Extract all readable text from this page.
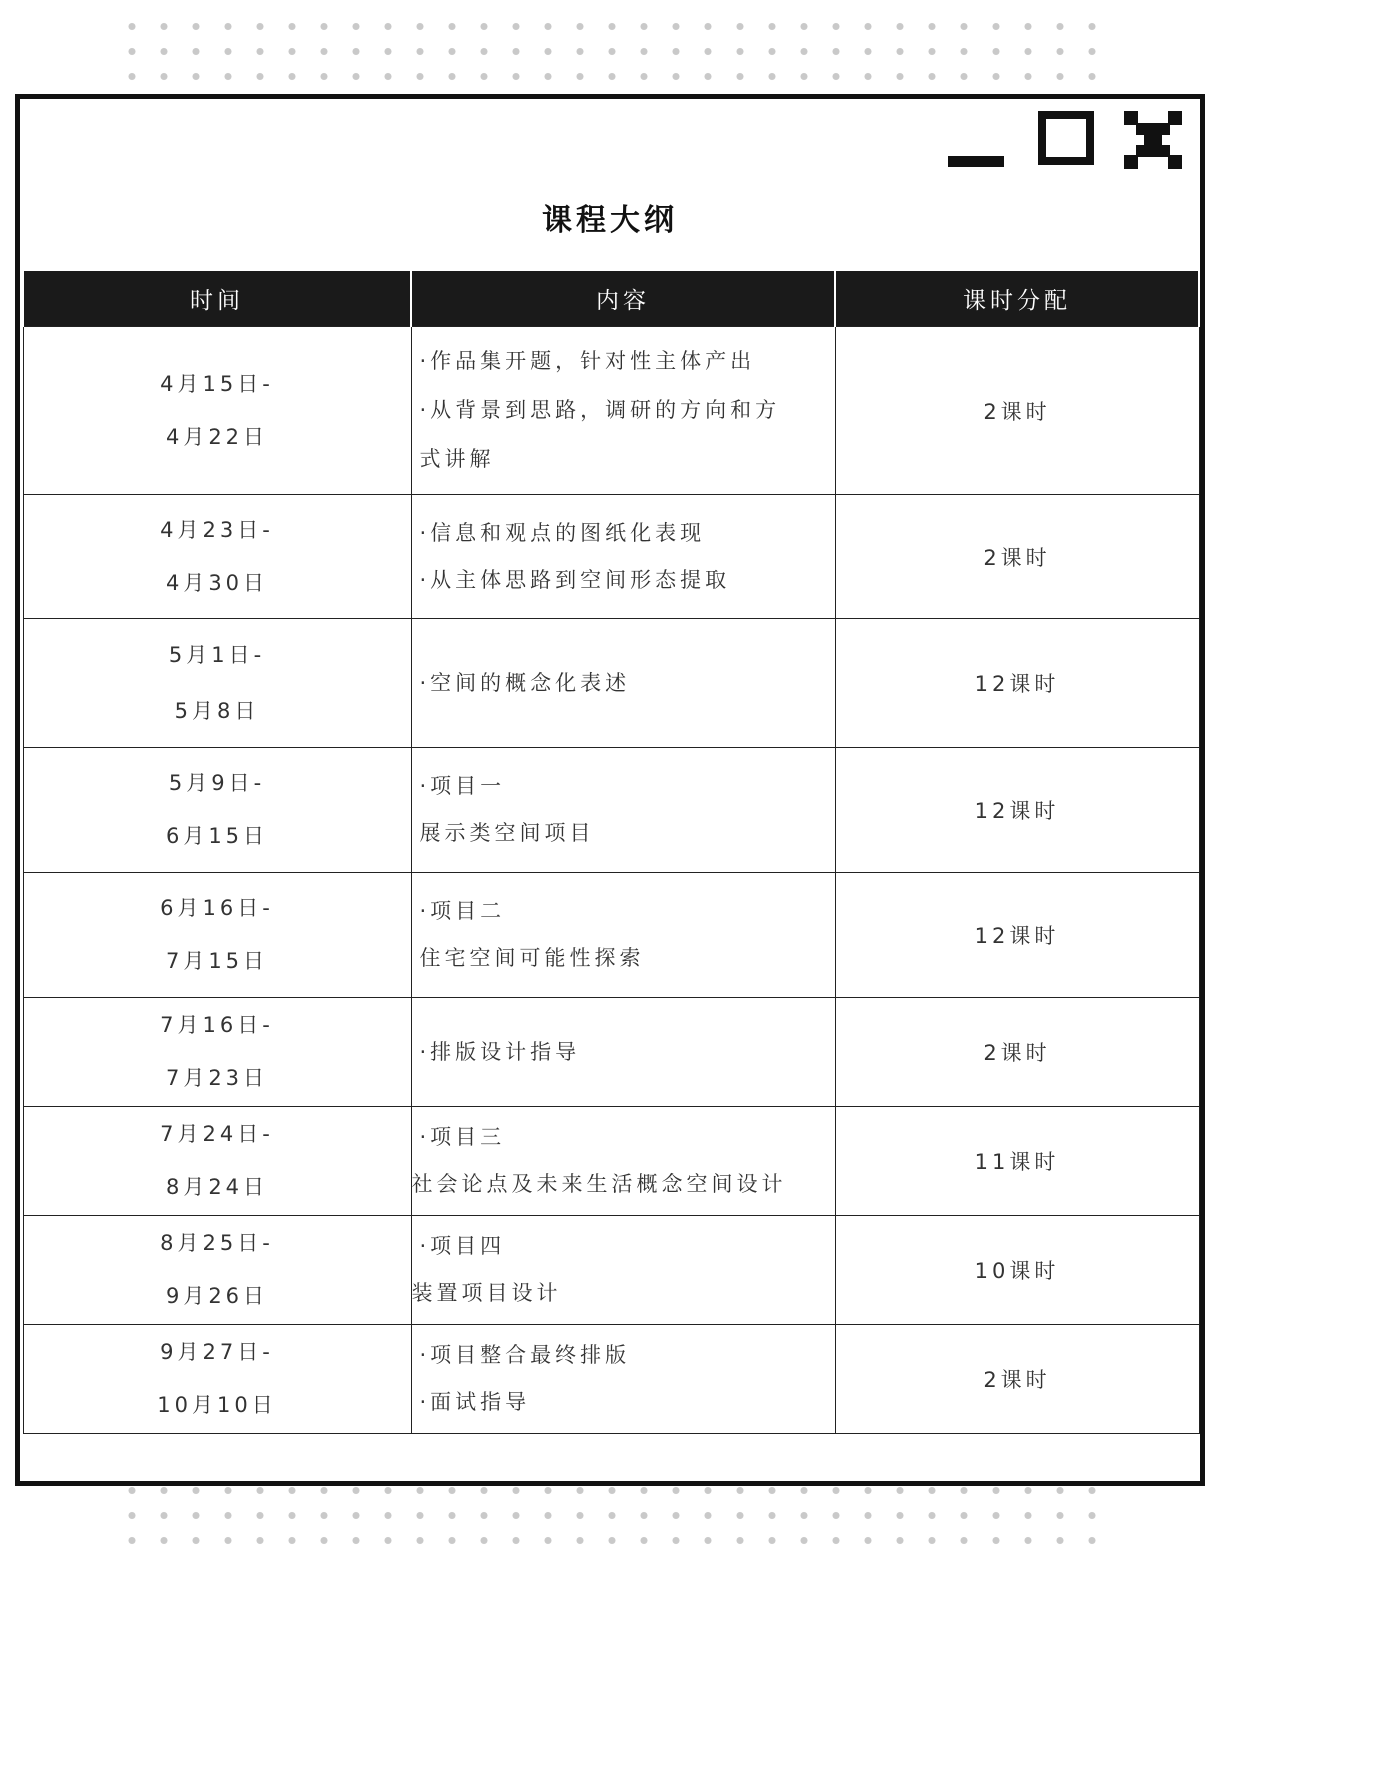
课程大纲
时间	内容	课时分配

4月15日-
4月22日	·作品集开题，针对性主体产出
·从背景到思路，调研的方向和方
式讲解	2课时

4月23日-
4月30日	·信息和观点的图纸化表现
·从主体思路到空间形态提取	2课时

5月1日-
5月8日	·空间的概念化表述	12课时

5月9日-
6月15日	·项目一
展示类空间项目	12课时

6月16日-
7月15日	·项目二
住宅空间可能性探索	12课时

7月16日-
7月23日	·排版设计指导	2课时

7月24日-
8月24日	·项目三
社会论点及未来生活概念空间设计	11课时

8月25日-
9月26日	·项目四
装置项目设计	10课时

9月27日-
10月10日	·项目整合最终排版
·面试指导	2课时
